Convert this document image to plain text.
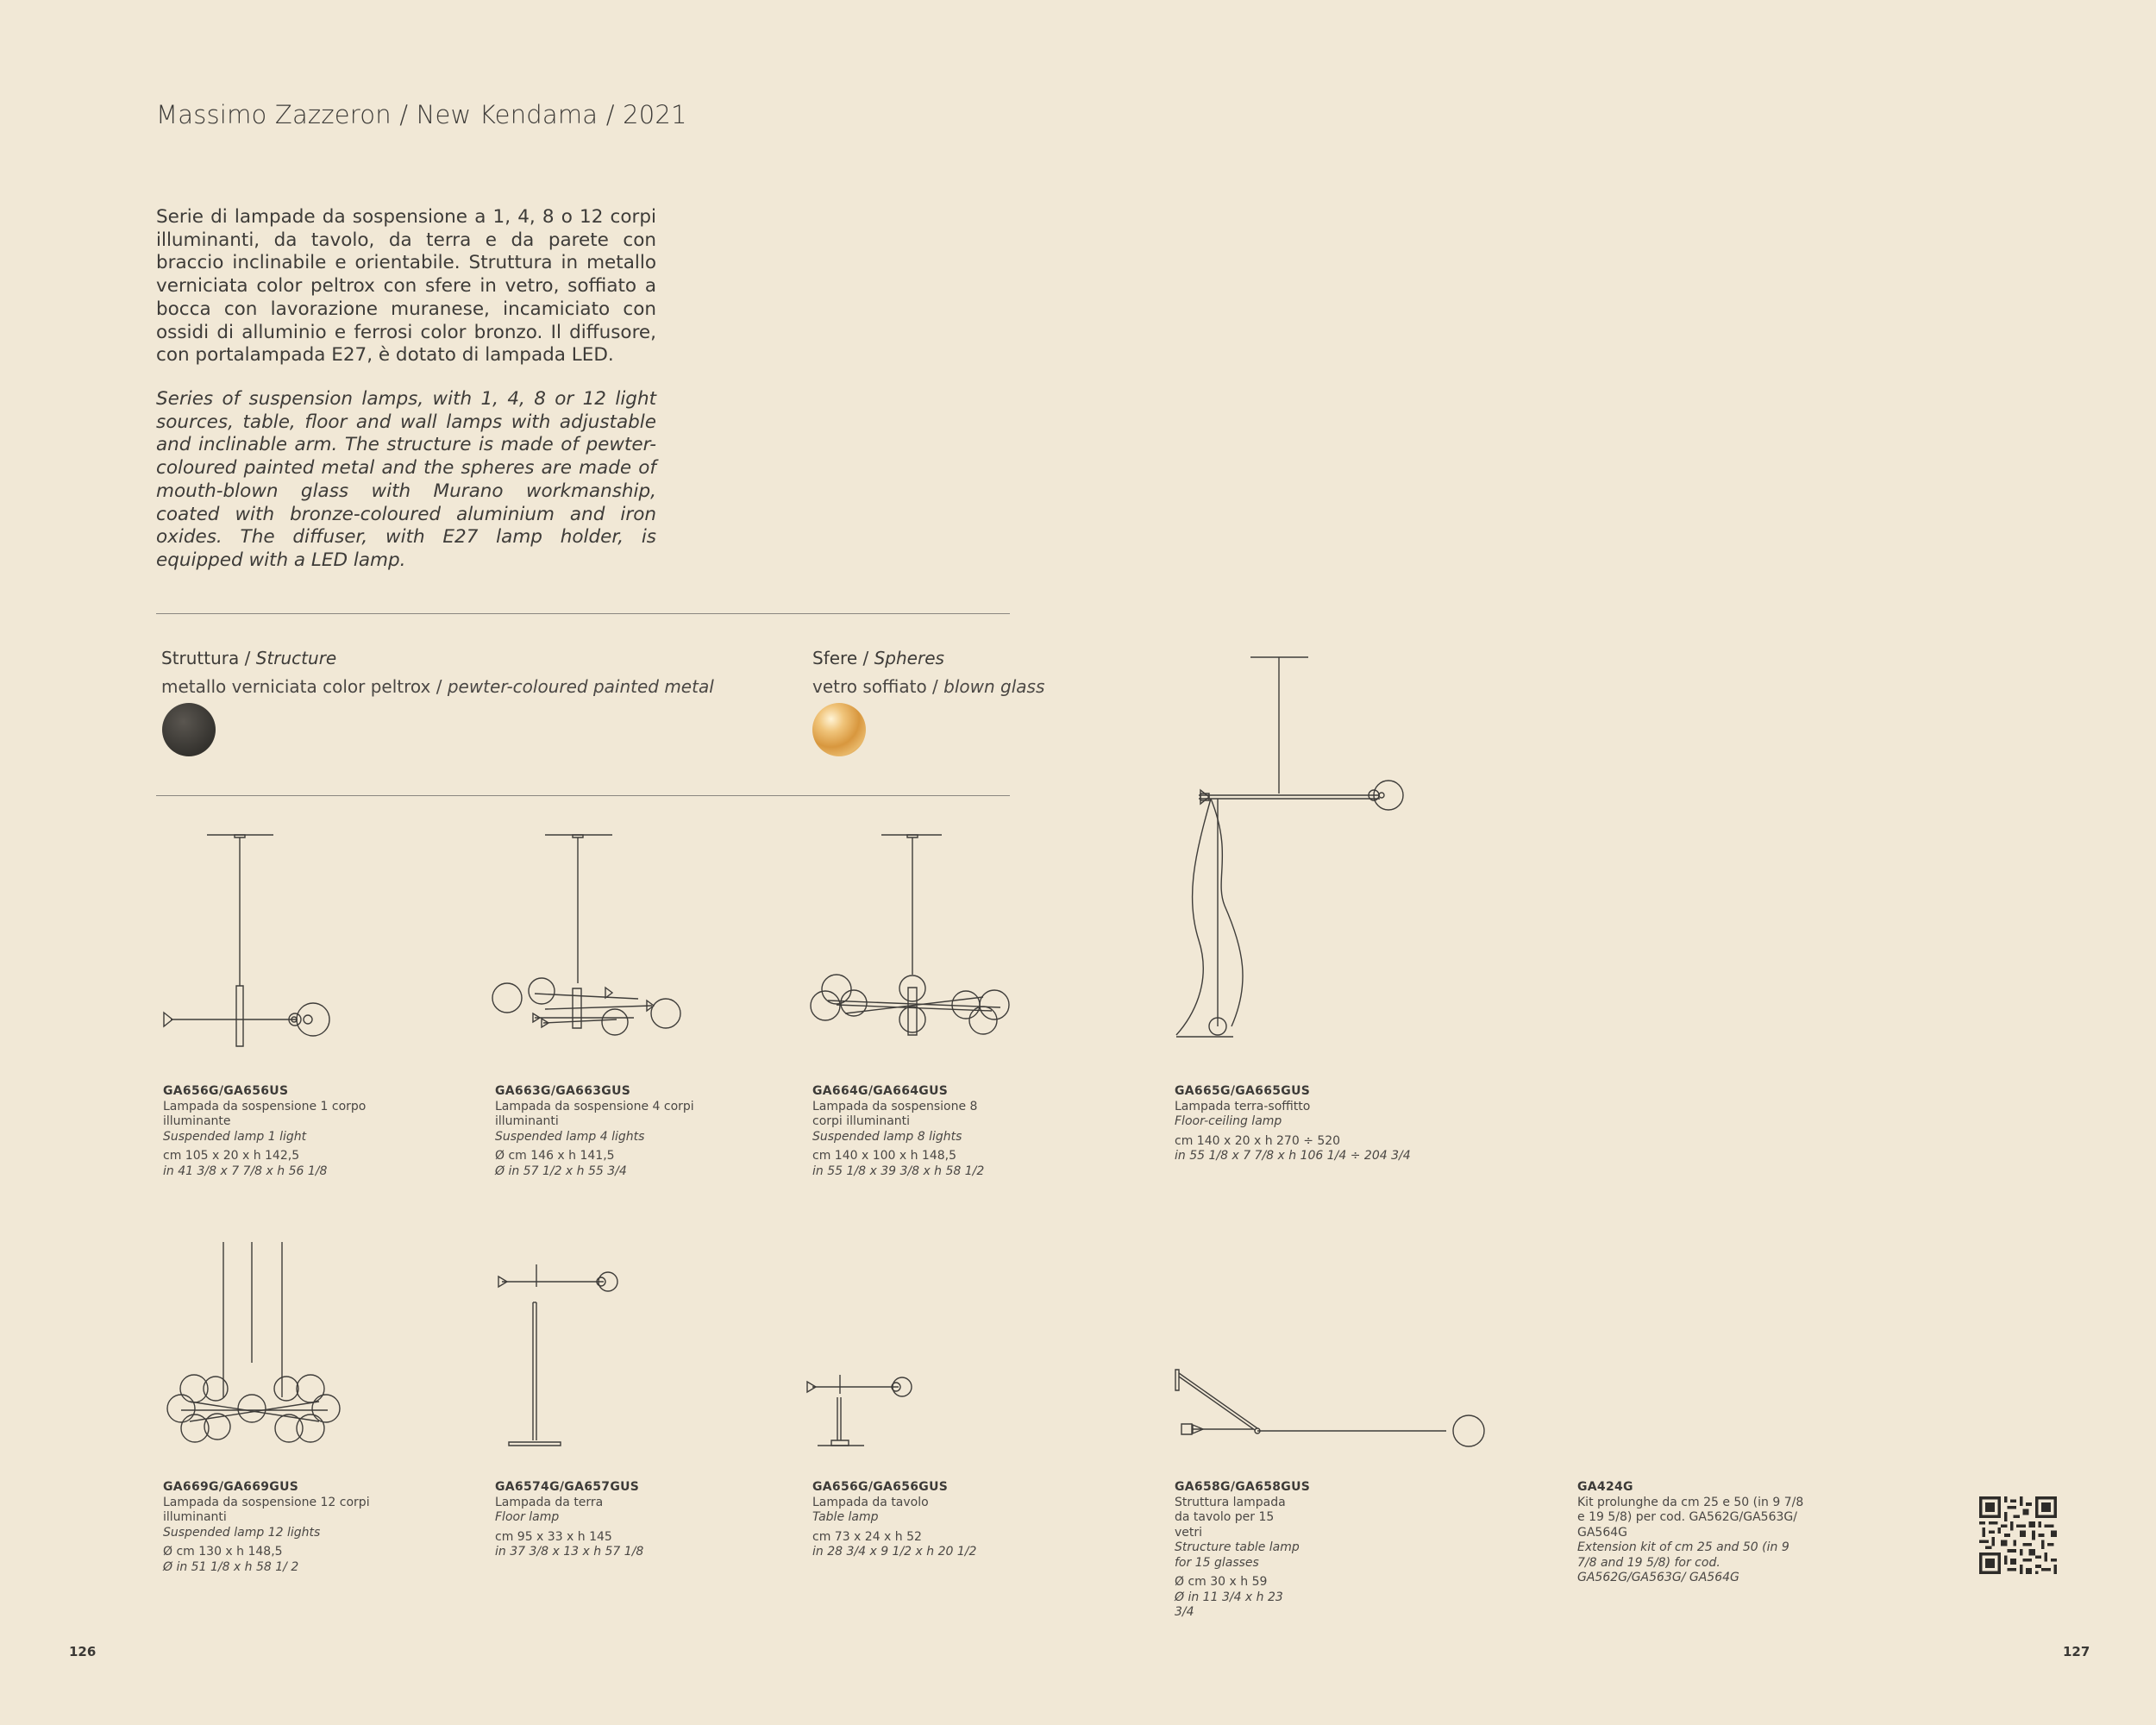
Massimo Zazzeron / New Kendama / 2021
Serie di lampade da sospensione a 1, 4, 8 o 12 corpi illuminanti, da tavolo, da terra e da parete con braccio inclinabile e orientabile. Struttura in metallo verniciata color peltrox con sfere in vetro, soffiato a bocca con lavorazione muranese, incamiciato con ossidi di alluminio e ferrosi color bronzo. Il diffusore, con portalampada E27, è dotato di lampada LED.
Series of suspension lamps, with 1, 4, 8 or 12 light sources, table, floor and wall lamps with adjustable and inclinable arm. The structure is made of pewter-coloured painted metal and the spheres are made of mouth-blown glass with Murano workmanship, coated with bronze-coloured aluminium and iron oxides. The diffuser, with E27 lamp holder, is equipped with a LED lamp.
Struttura / Structure
metallo verniciata color peltrox / pewter-coloured painted metal
Sfere / Spheres
vetro soffiato / blown glass
GA656G/GA656US
Lampada da sospensione 1 corpo illuminante
Suspended lamp 1 light
cm 105 x 20 x h 142,5
in 41 3/8 x 7 7/8 x h 56 1/8
GA663G/GA663GUS
Lampada da sospensione 4 corpi illuminanti
Suspended lamp 4 lights
Ø cm 146 x h 141,5
Ø in 57 1/2 x h 55 3/4
GA664G/GA664GUS
Lampada da sospensione 8 corpi illuminanti
Suspended lamp 8 lights
cm 140 x 100 x h 148,5
in 55 1/8 x 39 3/8 x h 58 1/2
GA665G/GA665GUS
Lampada terra-soffitto
Floor-ceiling lamp
cm 140 x 20 x h 270 ÷ 520
in 55 1/8 x 7 7/8 x h 106 1/4 ÷ 204 3/4
GA669G/GA669GUS
Lampada da sospensione 12 corpi illuminanti
Suspended lamp 12 lights
Ø cm 130 x h 148,5
Ø in 51 1/8 x h 58 1/ 2
GA6574G/GA657GUS
Lampada da terra
Floor lamp
cm 95 x 33 x h 145
in 37 3/8 x 13 x h 57 1/8
GA656G/GA656GUS
Lampada da tavolo
Table lamp
cm 73 x 24 x h 52
in 28 3/4 x 9 1/2 x h 20 1/2
GA658G/GA658GUS
Struttura lampada da tavolo per 15 vetri
Structure table lamp for 15 glasses
Ø cm 30 x h 59
Ø in 11 3/4 x h 23 3/4
GA424G
Kit prolunghe da cm 25 e 50 (in 9 7/8 e 19 5/8) per cod. GA562G/GA563G/ GA564G
Extension kit of cm 25 and 50 (in 9 7/8 and 19 5/8) for cod. GA562G/GA563G/ GA564G
126	127
